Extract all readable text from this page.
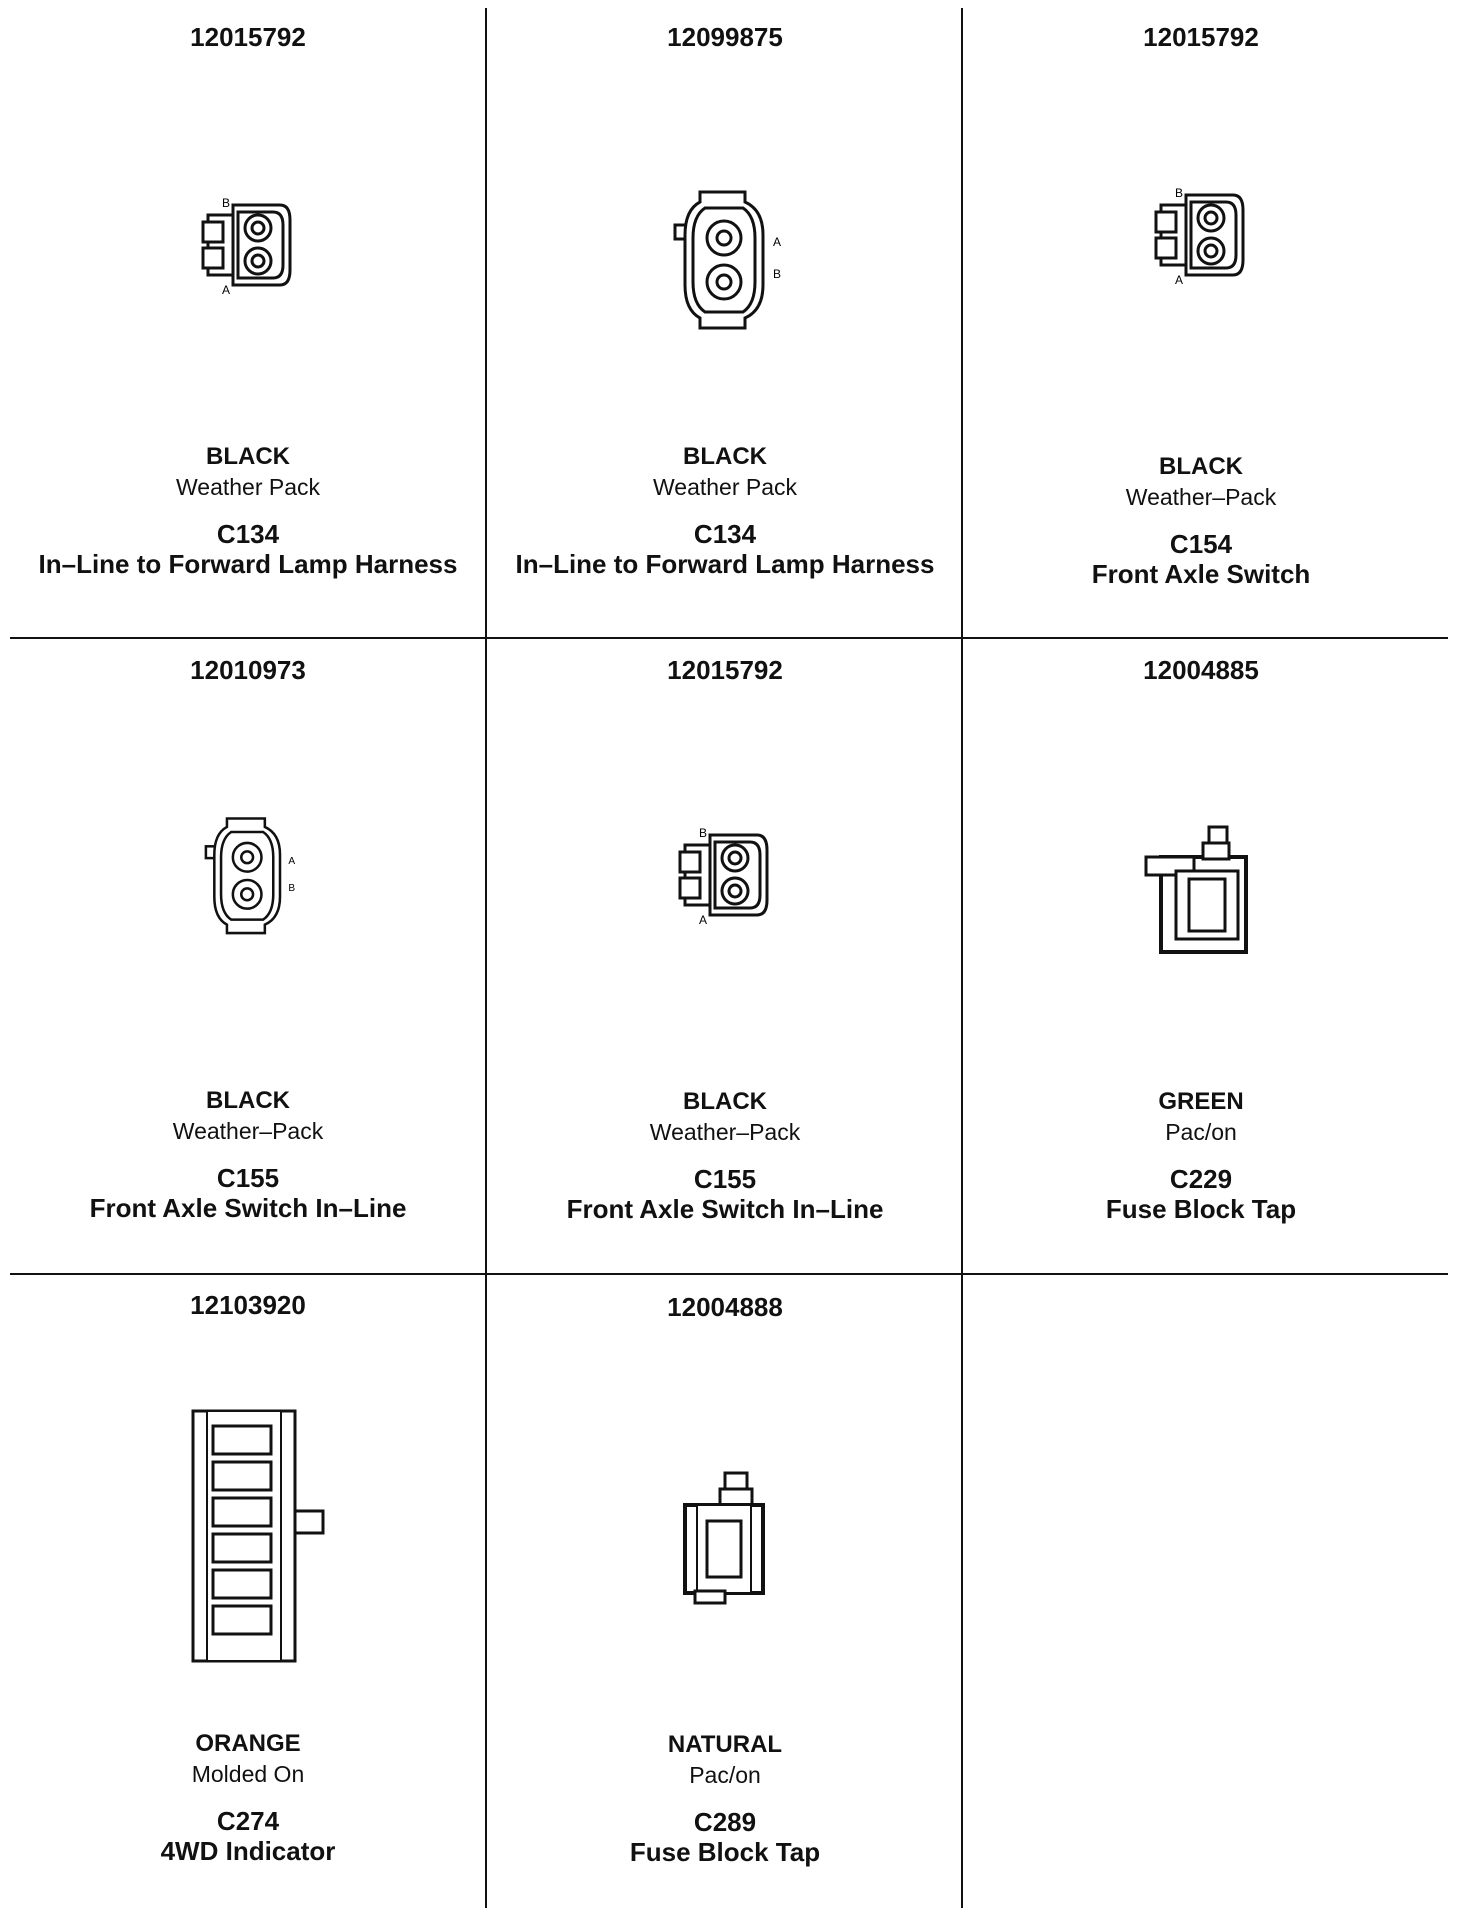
12015792
B
A
BLACK
Weather Pack
C134
In–Line to Forward Lamp Harness
12099875
A
B
BLACK
Weather Pack
C134
In–Line to Forward Lamp Harness
12015792
B
A
BLACK
Weather–Pack
C154
Front Axle Switch
12010973
A
B
BLACK
Weather–Pack
C155
Front Axle Switch In–Line
12015792
B
A
BLACK
Weather–Pack
C155
Front Axle Switch In–Line
12004885
GREEN
Pac/on
C229
Fuse Block Tap
12103920
ORANGE
Molded On
C274
4WD Indicator
12004888
NATURAL
Pac/on
C289
Fuse Block Tap
